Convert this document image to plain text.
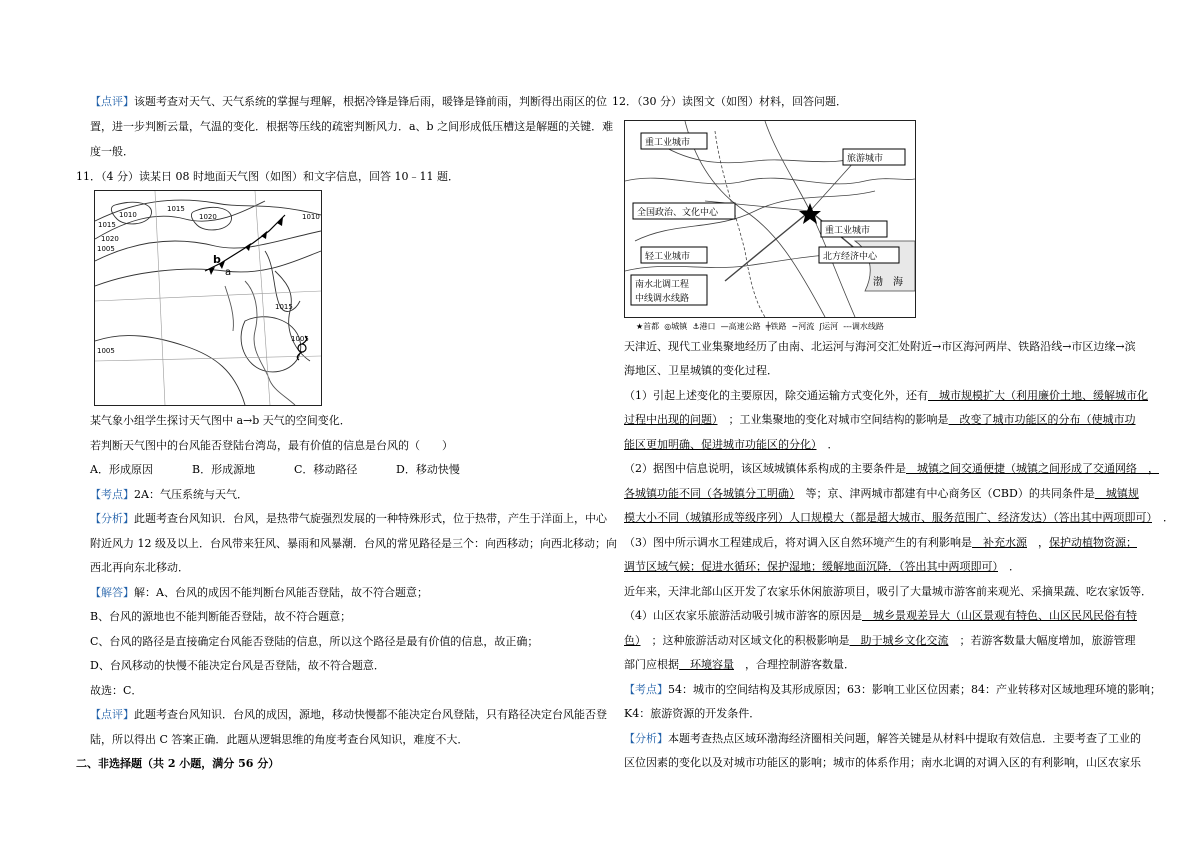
【点评】该题考查对天气、天气系统的掌握与理解，根据冷锋是锋后雨，暖锋是锋前雨，判断得出雨区的位
置，进一步判断云量，气温的变化．根据等压线的疏密判断风力．a、b 之间形成低压槽这是解题的关键．难
度一般．
11．（4 分）读某日 08 时地面天气图（如图）和文字信息，回答 10﹣11 题．
1015
1010	1020
1015
1010
1020
1005
1015
1005
1005
b
a
某气象小组学生探讨天气图中 a→b 天气的空间变化．
若判断天气图中的台风能否登陆台湾岛，最有价值的信息是台风的（　　）
A．形成原因	B．形成源地	C．移动路径	D．移动快慢
【考点】2A：气压系统与天气．
【分析】此题考查台风知识．台风，是热带气旋强烈发展的一种特殊形式，位于热带，产生于洋面上，中心
附近风力 12 级及以上．台风带来狂风、暴雨和风暴潮．台风的常见路径是三个：向西移动；向西北移动；向
西北再向东北移动．
【解答】解：A、台风的成因不能判断台风能否登陆，故不符合题意；
B、台风的源地也不能判断能否登陆，故不符合题意；
C、台风的路径是直接确定台风能否登陆的信息，所以这个路径是最有价值的信息，故正确；
D、台风移动的快慢不能决定台风是否登陆，故不符合题意．
故选：C．
【点评】此题考查台风知识．台风的成因，源地，移动快慢都不能决定台风登陆，只有路径决定台风能否登
陆，所以得出 C 答案正确．此题从逻辑思维的角度考查台风知识，难度不大．
二、非选择题（共 2 小题，满分 56 分）
12．（30 分）读图文（如图）材料，回答问题．
重工业城市
旅游城市
全国政治、文化中心
重工业城市
轻工业城市	北方经济中心
南水北调工程
中线调水线路
渤　海
★首都 ◎城镇 ⚓港口 —高速公路 ╪铁路 ∼河流 ʃ运河 ---调水线路
天津近、现代工业集聚地经历了由南、北运河与海河交汇处附近→市区海河两岸、铁路沿线→市区边缘→滨
海地区、卫星城镇的变化过程．
（1）引起上述变化的主要原因，除交通运输方式变化外，还有　城市规模扩大（利用廉价土地、缓解城市化
过程中出现的问题）　；工业集聚地的变化对城市空间结构的影响是　改变了城市功能区的分布（使城市功
能区更加明确、促进城市功能区的分化）　．
（2）据图中信息说明，该区域城镇体系构成的主要条件是　城镇之间交通便捷（城镇之间形成了交通网络　，
各城镇功能不同（各城镇分工明确）　等；京、津两城市都建有中心商务区（CBD）的共同条件是　城镇规
模大小不同（城镇形成等级序列）人口规模大（都是超大城市、服务范围广、经济发达）（答出其中两项即可）　．
（3）图中所示调水工程建成后，将对调入区自然环境产生的有利影响是　补充水源　，保护动植物资源；
调节区域气候；促进水循环；保护湿地；缓解地面沉降．（答出其中两项即可）　．
近年来，天津北部山区开发了农家乐休闲旅游项目，吸引了大量城市游客前来观光、采摘果蔬、吃农家饭等．
（4）山区农家乐旅游活动吸引城市游客的原因是　城乡景观差异大（山区景观有特色、山区民风民俗有特
色）　；这种旅游活动对区域文化的积极影响是　助于城乡文化交流　；若游客数量大幅度增加，旅游管理
部门应根据　环境容量　，合理控制游客数量．
【考点】54：城市的空间结构及其形成原因；63：影响工业区位因素；84：产业转移对区域地理环境的影响；
K4：旅游资源的开发条件．
【分析】本题考查热点区域环渤海经济圈相关问题，解答关键是从材料中提取有效信息．主要考查了工业的
区位因素的变化以及对城市功能区的影响；城市的体系作用；南水北调的对调入区的有利影响，山区农家乐
